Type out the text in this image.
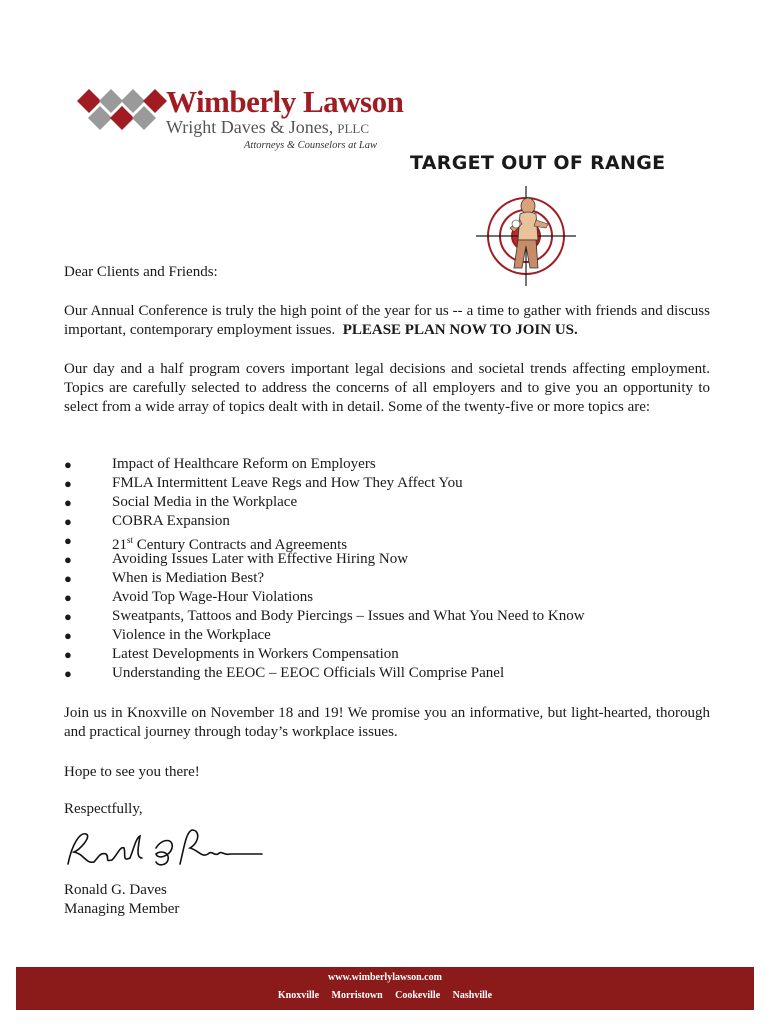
Wimberly Lawson
Wright Daves & Jones, PLLC
Attorneys & Counselors at Law
TARGET OUT OF RANGE

Dear Clients and Friends:

Our Annual Conference is truly the high point of the year for us -- a time to gather with friends and discuss important, contemporary employment issues. PLEASE PLAN NOW TO JOIN US.

Our day and a half program covers important legal decisions and societal trends affecting employment. Topics are carefully selected to address the concerns of all employers and to give you an opportunity to select from a wide array of topics dealt with in detail. Some of the twenty-five or more topics are:

●	Impact of Healthcare Reform on Employers
●	FMLA Intermittent Leave Regs and How They Affect You
●	Social Media in the Workplace
●	COBRA Expansion
●	21st Century Contracts and Agreements
●	Avoiding Issues Later with Effective Hiring Now
●	When is Mediation Best?
●	Avoid Top Wage-Hour Violations
●	Sweatpants, Tattoos and Body Piercings – Issues and What You Need to Know
●	Violence in the Workplace
●	Latest Developments in Workers Compensation
●	Understanding the EEOC – EEOC Officials Will Comprise Panel

Join us in Knoxville on November 18 and 19! We promise you an informative, but light-hearted, thorough and practical journey through today’s workplace issues.

Hope to see you there!

Respectfully,

Ronald G. Daves

Managing Member

www.wimberlylawson.com
Knoxville Morristown Cookeville Nashville
